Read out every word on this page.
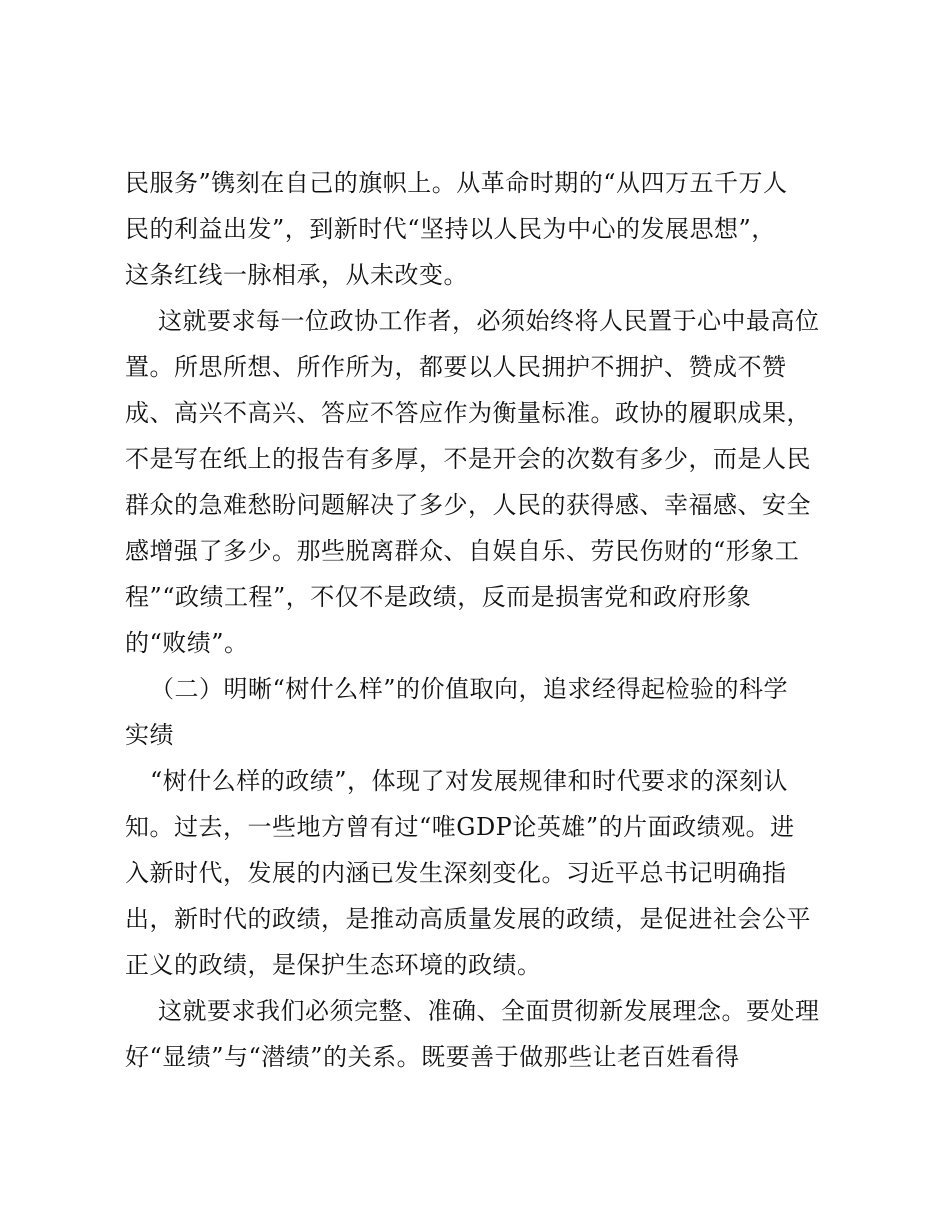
民服务”镌刻在自己的旗帜上。从革命时期的“从四万五千万人
民的利益出发”，到新时代“坚持以人民为中心的发展思想”，
这条红线一脉相承，从未改变。
这就要求每一位政协工作者，必须始终将人民置于心中最高位
置。所思所想、所作所为，都要以人民拥护不拥护、赞成不赞
成、高兴不高兴、答应不答应作为衡量标准。政协的履职成果，
不是写在纸上的报告有多厚，不是开会的次数有多少，而是人民
群众的急难愁盼问题解决了多少，人民的获得感、幸福感、安全
感增强了多少。那些脱离群众、自娱自乐、劳民伤财的“形象工
程”“政绩工程”，不仅不是政绩，反而是损害党和政府形象
的“败绩”。
（二）明晰“树什么样”的价值取向，追求经得起检验的科学
实绩
“树什么样的政绩”，体现了对发展规律和时代要求的深刻认
知。过去，一些地方曾有过“唯GDP论英雄”的片面政绩观。进
入新时代，发展的内涵已发生深刻变化。习近平总书记明确指
出，新时代的政绩，是推动高质量发展的政绩，是促进社会公平
正义的政绩，是保护生态环境的政绩。
这就要求我们必须完整、准确、全面贯彻新发展理念。要处理
好“显绩”与“潜绩”的关系。既要善于做那些让老百姓看得
